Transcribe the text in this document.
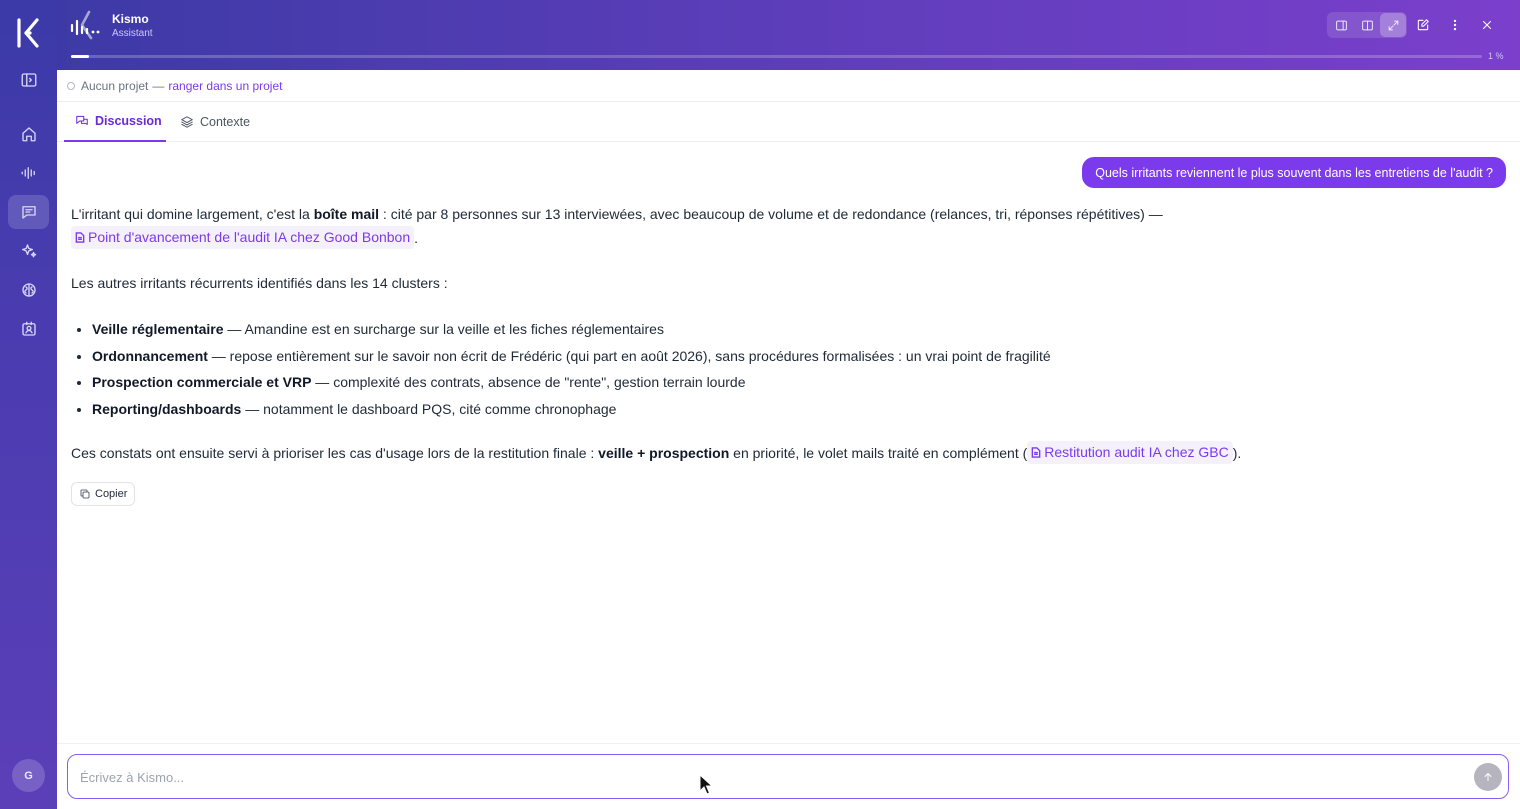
G
Kismo
Assistant
1 %
Aucun projet — ranger dans un projet
Discussion	Contexte
Quels irritants reviennent le plus souvent dans les entretiens de l'audit ?
L'irritant qui domine largement, c'est la boîte mail : cité par 8 personnes sur 13 interviewées, avec beaucoup de volume et de redondance (relances, tri, réponses répétitives) —

Point d'avancement de l'audit IA chez Good Bonbon .
Les autres irritants récurrents identifiés dans les 14 clusters :
• Veille réglementaire — Amandine est en surcharge sur la veille et les fiches réglementaires
• Ordonnancement — repose entièrement sur le savoir non écrit de Frédéric (qui part en août 2026), sans procédures formalisées : un vrai point de fragilité
• Prospection commerciale et VRP — complexité des contrats, absence de "rente", gestion terrain lourde
• Reporting/dashboards — notamment le dashboard PQS, cité comme chronophage
Ces constats ont ensuite servi à prioriser les cas d'usage lors de la restitution finale : veille + prospection en priorité, le volet mails traité en complément ( Restitution audit IA chez GBC ).
Copier
Écrivez à Kismo...
